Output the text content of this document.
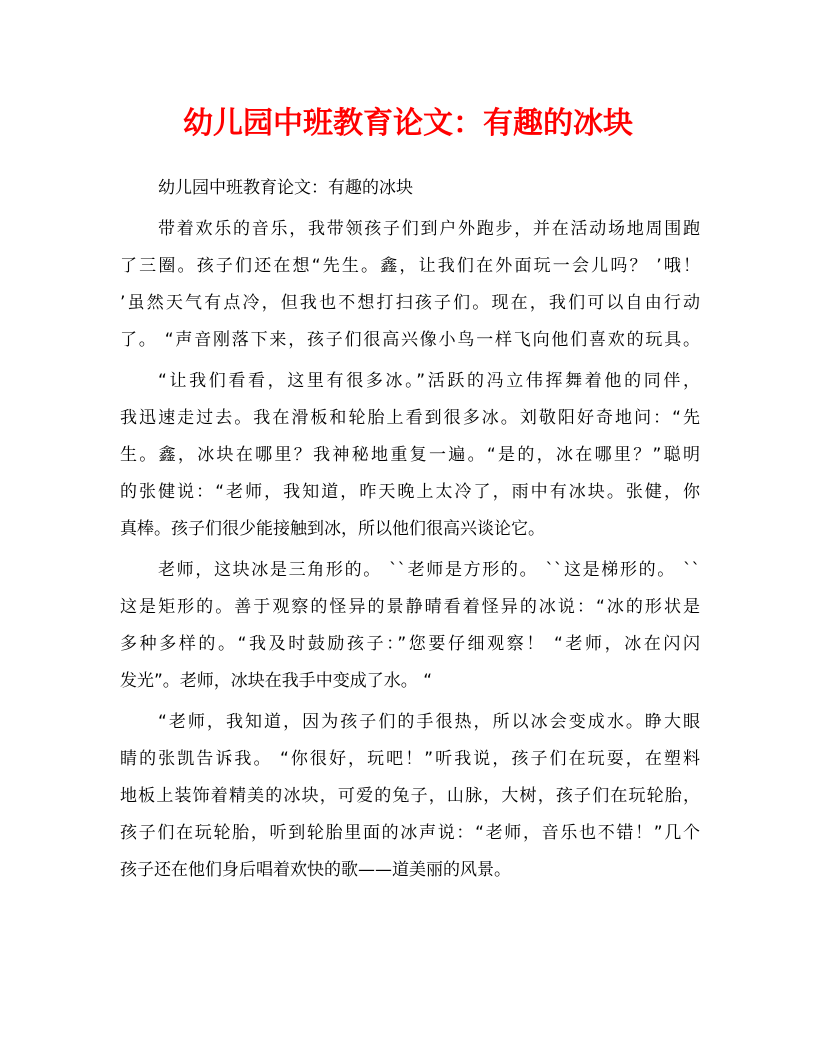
幼儿园中班教育论文：有趣的冰块
幼儿园中班教育论文：有趣的冰块
带着欢乐的音乐，我带领孩子们到户外跑步，并在活动场地周围跑
了三圈。孩子们还在想“先生。鑫，让我们在外面玩一会儿吗？ ’哦！
’虽然天气有点冷，但我也不想打扫孩子们。现在，我们可以自由行动
了。 “声音刚落下来，孩子们很高兴像小鸟一样飞向他们喜欢的玩具。
“让我们看看，这里有很多冰。”活跃的冯立伟挥舞着他的同伴，
我迅速走过去。我在滑板和轮胎上看到很多冰。刘敬阳好奇地问：“先
生。鑫，冰块在哪里？我神秘地重复一遍。“是的，冰在哪里？”聪明
的张健说：“老师，我知道，昨天晚上太冷了，雨中有冰块。张健，你
真棒。孩子们很少能接触到冰，所以他们很高兴谈论它。
老师，这块冰是三角形的。 ``老师是方形的。 ``这是梯形的。 ``
这是矩形的。善于观察的怪异的景静晴看着怪异的冰说：“冰的形状是
多种多样的。“我及时鼓励孩子：”您要仔细观察！ “老师，冰在闪闪
发光”。老师，冰块在我手中变成了水。 “
“老师，我知道，因为孩子们的手很热，所以冰会变成水。睁大眼
睛的张凯告诉我。 “你很好，玩吧！”听我说，孩子们在玩耍，在塑料
地板上装饰着精美的冰块，可爱的兔子，山脉，大树，孩子们在玩轮胎，
孩子们在玩轮胎，听到轮胎里面的冰声说：“老师，音乐也不错！”几个
孩子还在他们身后唱着欢快的歌——道美丽的风景。
